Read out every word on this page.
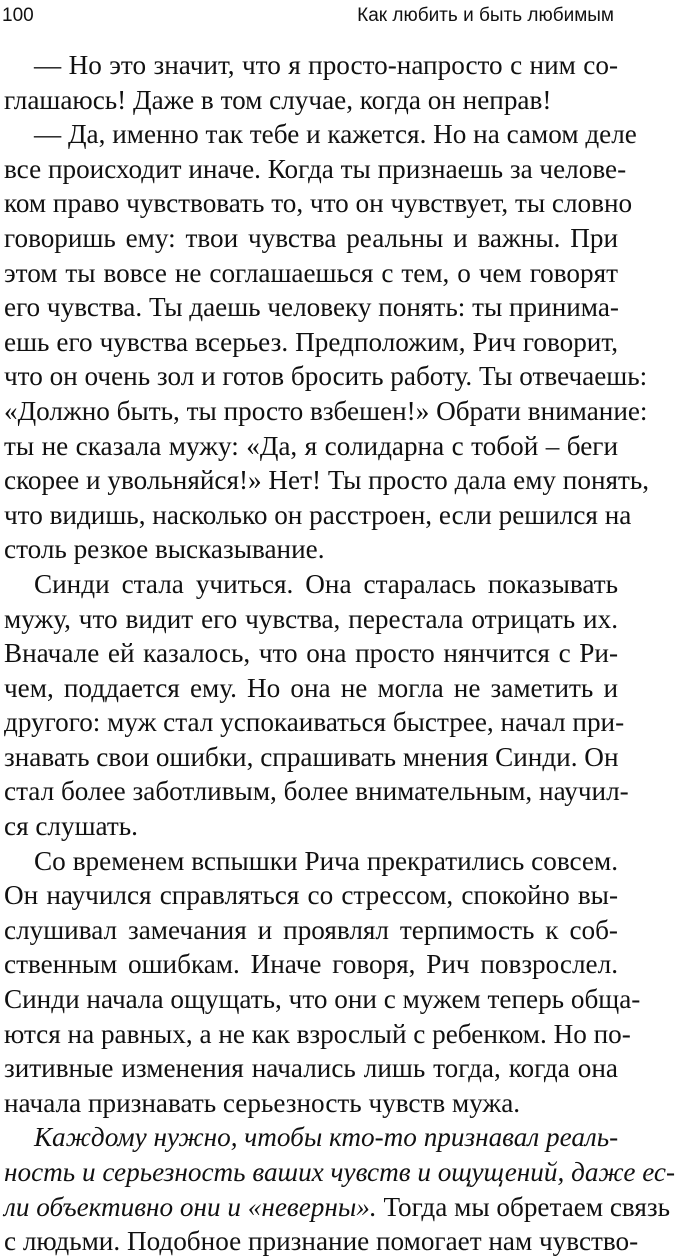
100	Как любить и быть любимым
— Но это значит, что я просто-напросто с ним со-
глашаюсь! Даже в том случае, когда он неправ!
— Да, именно так тебе и кажется. Но на самом деле
все происходит иначе. Когда ты признаешь за челове-
ком право чувствовать то, что он чувствует, ты словно
говоришь ему: твои чувства реальны и важны. При
этом ты вовсе не соглашаешься с тем, о чем говорят
его чувства. Ты даешь человеку понять: ты принима-
ешь его чувства всерьез. Предположим, Рич говорит,
что он очень зол и готов бросить работу. Ты отвечаешь:
«Должно быть, ты просто взбешен!» Обрати внимание:
ты не сказала мужу: «Да, я солидарна с тобой – беги
скорее и увольняйся!» Нет! Ты просто дала ему понять,
что видишь, насколько он расстроен, если решился на
столь резкое высказывание.
Синди стала учиться. Она старалась показывать
мужу, что видит его чувства, перестала отрицать их.
Вначале ей казалось, что она просто нянчится с Ри-
чем, поддается ему. Но она не могла не заметить и
другого: муж стал успокаиваться быстрее, начал при-
знавать свои ошибки, спрашивать мнения Синди. Он
стал более заботливым, более внимательным, научил-
ся слушать.
Со временем вспышки Рича прекратились совсем.
Он научился справляться со стрессом, спокойно вы-
слушивал замечания и проявлял терпимость к соб-
ственным ошибкам. Иначе говоря, Рич повзрослел.
Синди начала ощущать, что они с мужем теперь обща-
ются на равных, а не как взрослый с ребенком. Но по-
зитивные изменения начались лишь тогда, когда она
начала признавать серьезность чувств мужа.
Каждому нужно, чтобы кто-то признавал реаль-
ность и серьезность ваших чувств и ощущений, даже ес-
ли объективно они и «неверны». Тогда мы обретаем связь
с людьми. Подобное признание помогает нам чувство-
